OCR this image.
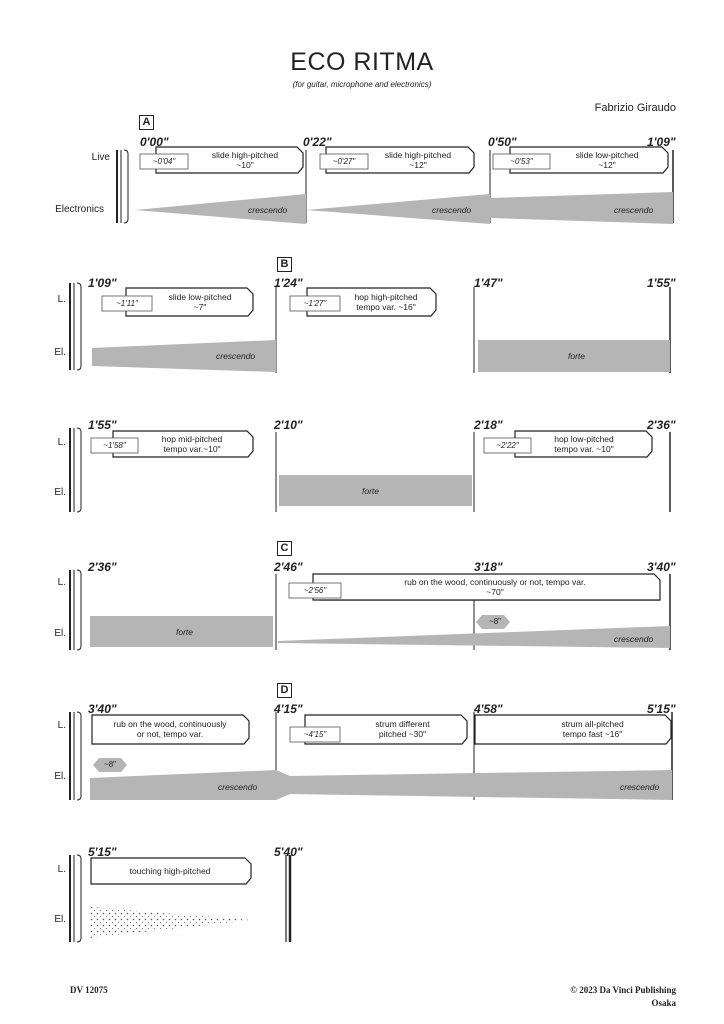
ECO RITMA
(for guitar, microphone and electronics)
Fabrizio Giraudo
A
B
C
D
Live
Electronics
0'00"	0'22"	0'50"	1'09"
~0'04"	~0'27"	~0'53"
slide high-pitched
~10"
slide high-pitched
~12"
slide low-pitched
~12"
crescendo	crescendo	crescendo
L.
El.
1'09"	1'24"	1'47"	1'55"
~1'11"	~1'27"
slide low-pitched
~7"
hop high-pitched
tempo var. ~16"
crescendo	forte
L.
El.
1'55"	2'10"	2'18"	2'36"
~1'58"	~2'22"
hop mid-pitched
tempo var.~10"
hop low-pitched
tempo var. ~10"
forte
L.
El.
2'36"	2'46"	3'18"	3'40"
~2'56"
rub on the wood, continuously or not, tempo var.
~70"
~8"
forte
crescendo
L.
El.
3'40"	4'15"	4'58"	5'15"
rub on the wood, continuously
or not, tempo var.	~4'15"
strum different
pitched ~30"
strum all-pitched
tempo fast ~16"
~8"
crescendo	crescendo
L.
El.
5'15"	5'40"
touching high-pitched
DV 12075	© 2023 Da Vinci Publishing
Osaka
